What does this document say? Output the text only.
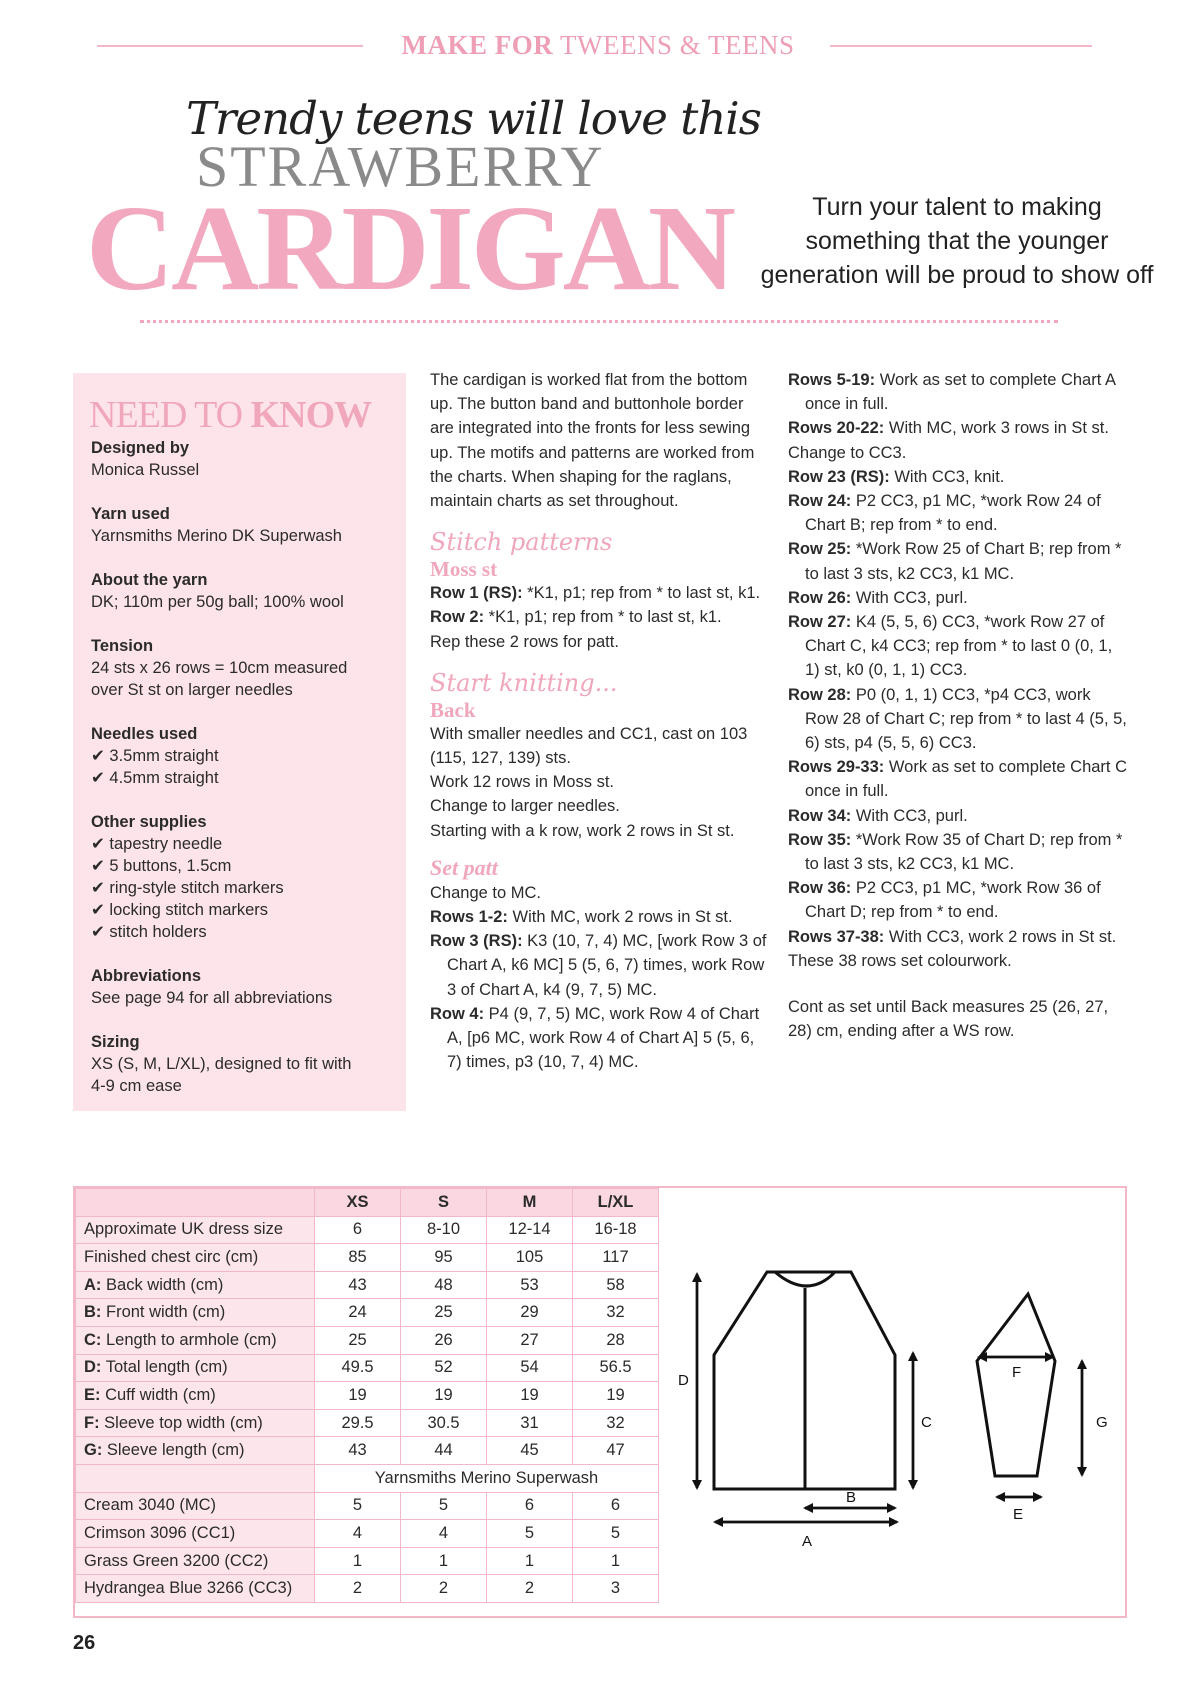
MAKE FOR TWEENS & TEENS
Trendy teens will love this
STRAWBERRY
CARDIGAN	Turn your talent to making something that the younger generation will be proud to show off
NEED TO KNOW
Designed by
Monica Russel
Yarn used
Yarnsmiths Merino DK Superwash
About the yarn
DK; 110m per 50g ball; 100% wool
Tension
24 sts x 26 rows = 10cm measured
over St st on larger needles
Needles used
✔ 3.5mm straight
✔ 4.5mm straight
Other supplies
✔ tapestry needle
✔ 5 buttons, 1.5cm
✔ ring-style stitch markers
✔ locking stitch markers
✔ stitch holders
Abbreviations
See page 94 for all abbreviations
Sizing
XS (S, M, L/XL), designed to fit with
4-9 cm ease

The cardigan is worked flat from the bottom up. The button band and buttonhole border are integrated into the fronts for less sewing up. The motifs and patterns are worked from the charts. When shaping for the raglans, maintain charts as set throughout.

Stitch patterns
Moss st

Row 1 (RS): *K1, p1; rep from * to last st, k1.

Row 2: *K1, p1; rep from * to last st, k1.

Rep these 2 rows for patt.

Start knitting...
Back

With smaller needles and CC1, cast on 103 (115, 127, 139) sts.

Work 12 rows in Moss st.

Change to larger needles.

Starting with a k row, work 2 rows in St st.

Set patt

Change to MC.

Rows 1-2: With MC, work 2 rows in St st.

Row 3 (RS): K3 (10, 7, 4) MC, [work Row 3 of Chart A, k6 MC] 5 (5, 6, 7) times, work Row 3 of Chart A, k4 (9, 7, 5) MC.

Row 4: P4 (9, 7, 5) MC, work Row 4 of Chart A, [p6 MC, work Row 4 of Chart A] 5 (5, 6, 7) times, p3 (10, 7, 4) MC.

Rows 5-19: Work as set to complete Chart A once in full.

Rows 20-22: With MC, work 3 rows in St st.

Change to CC3.

Row 23 (RS): With CC3, knit.

Row 24: P2 CC3, p1 MC, *work Row 24 of Chart B; rep from * to end.

Row 25: *Work Row 25 of Chart B; rep from * to last 3 sts, k2 CC3, k1 MC.

Row 26: With CC3, purl.

Row 27: K4 (5, 5, 6) CC3, *work Row 27 of Chart C, k4 CC3; rep from * to last 0 (0, 1, 1) st, k0 (0, 1, 1) CC3.

Row 28: P0 (0, 1, 1) CC3, *p4 CC3, work Row 28 of Chart C; rep from * to last 4 (5, 5, 6) sts, p4 (5, 5, 6) CC3.

Rows 29-33: Work as set to complete Chart C once in full.

Row 34: With CC3, purl.

Row 35: *Work Row 35 of Chart D; rep from * to last 3 sts, k2 CC3, k1 MC.

Row 36: P2 CC3, p1 MC, *work Row 36 of Chart D; rep from * to end.

Rows 37-38: With CC3, work 2 rows in St st.

These 38 rows set colourwork.

Cont as set until Back measures 25 (26, 27, 28) cm, ending after a WS row.

	XS	S	M	L/XL
Approximate UK dress size	6	8-10	12-14	16-18
Finished chest circ (cm)	85	95	105	117
A: Back width (cm)	43	48	53	58
B: Front width (cm)	24	25	29	32
C: Length to armhole (cm)	25	26	27	28
D: Total length (cm)	49.5	52	54	56.5
E: Cuff width (cm)	19	19	19	19
F: Sleeve top width (cm)	29.5	30.5	31	32
G: Sleeve length (cm)	43	44	45	47
	Yarnsmiths Merino Superwash			
Cream 3040 (MC)	5	5	6	6
Crimson 3096 (CC1)	4	4	5	5
Grass Green 3200 (CC2)	1	1	1	1
Hydrangea Blue 3266 (CC3)	2	2	2	3
A
B
C
D
E
F
G
26
